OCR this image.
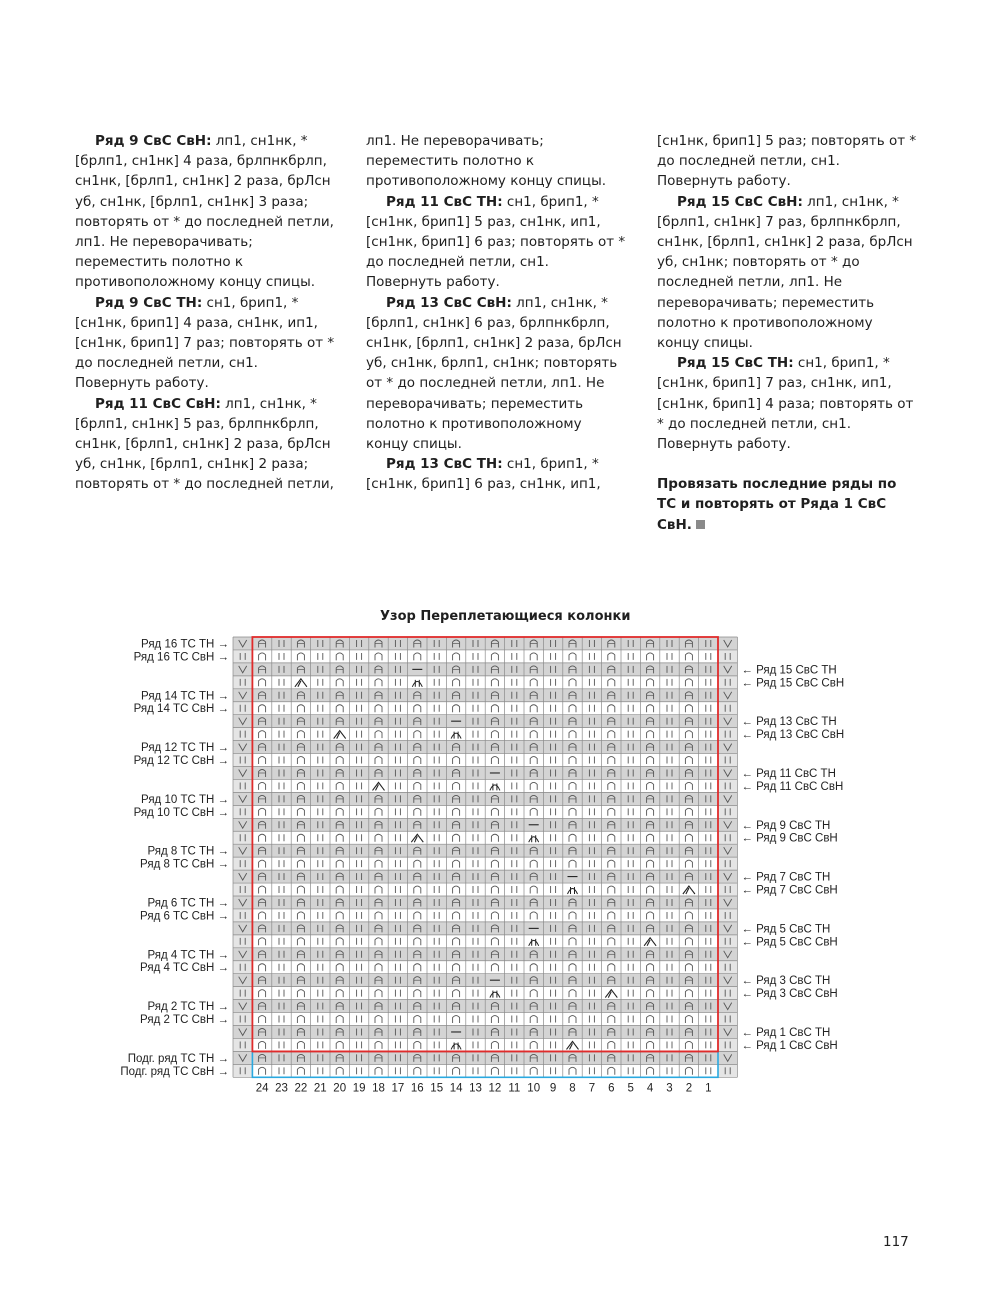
Ряд 9 СвС СвН: лп1, сн1нк, *[брлп1, сн1нк] 4 раза, брлпнкбрлп, сн1нк, [брлп1, сн1нк] 2 раза, брЛсн уб, сн1нк, [брлп1, сн1нк] 3 раза; повторять от * до последней петли, лп1. Не переворачивать; переместить полотно к противоположному концу спицы.

Ряд 9 СвС ТН: сн1, брип1, *[сн1нк, брип1] 4 раза, сн1нк, ип1, [сн1нк, брип1] 7 раз; повторять от * до последней петли, сн1. Повернуть работу.

Ряд 11 СвС СвН: лп1, сн1нк, *[брлп1, сн1нк] 5 раз, брлпнкбрлп, сн1нк, [брлп1, сн1нк] 2 раза, брЛсн уб, сн1нк, [брлп1, сн1нк] 2 раза; повторять от * до последней петли,

лп1. Не переворачивать; переместить полотно к противоположному концу спицы.

Ряд 11 СвС ТН: сн1, брип1, *[сн1нк, брип1] 5 раз, сн1нк, ип1, [сн1нк, брип1] 6 раз; повторять от * до последней петли, сн1. Повернуть работу.

Ряд 13 СвС СвН: лп1, сн1нк, *[брлп1, сн1нк] 6 раз, брлпнкбрлп, сн1нк, [брлп1, сн1нк] 2 раза, брЛсн уб, сн1нк, брлп1, сн1нк; повторять от * до последней петли, лп1. Не переворачивать; переместить полотно к противоположному концу спицы.

Ряд 13 СвС ТН: сн1, брип1, *[сн1нк, брип1] 6 раз, сн1нк, ип1,

[сн1нк, брип1] 5 раз; повторять от * до последней петли, сн1. Повернуть работу.

Ряд 15 СвС СвН: лп1, сн1нк, *[брлп1, сн1нк] 7 раз, брлпнкбрлп, сн1нк, [брлп1, сн1нк] 2 раза, брЛсн уб, сн1нк; повторять от * до последней петли, лп1. Не переворачивать; переместить полотно к противоположному концу спицы.

Ряд 15 СвС ТН: сн1, брип1, *[сн1нк, брип1] 7 раз, сн1нк, ип1, [сн1нк, брип1] 4 раза; повторять от * до последней петли, сн1. Повернуть работу.

Провязать последние ряды по ТС и повторять от Ряда 1 СвС СвН.

Узор Переплетающиеся колонки
Ряд 16 ТС ТН →
Ряд 16 ТС СвН →
Ряд 14 ТС ТН →
Ряд 14 ТС СвН →
Ряд 12 ТС ТН →
Ряд 12 ТС СвН →
Ряд 10 ТС ТН →
Ряд 10 ТС СвН →
Ряд 8 ТС ТН →
Ряд 8 ТС СвН →
Ряд 6 ТС ТН →
Ряд 6 ТС СвН →
Ряд 4 ТС ТН →
Ряд 4 ТС СвН →
Ряд 2 ТС ТН →
Ряд 2 ТС СвН →
Подг. ряд ТС ТН →
Подг. ряд ТС СвН →
← Ряд 15 СвС ТН
← Ряд 15 СвС СвН
← Ряд 13 СвС ТН
← Ряд 13 СвС СвН
← Ряд 11 СвС ТН
← Ряд 11 СвС СвН
← Ряд 9 СвС ТН
← Ряд 9 СвС СвН
← Ряд 7 СвС ТН
← Ряд 7 СвС СвН
← Ряд 5 СвС ТН
← Ряд 5 СвС СвН
← Ряд 3 СвС ТН
← Ряд 3 СвС СвН
← Ряд 1 СвС ТН
← Ряд 1 СвС СвН
24 23 22 21 20 19 18 17 16 15 14 13 12 11 10 9 8 7 6 5 4 3 2 1
117
